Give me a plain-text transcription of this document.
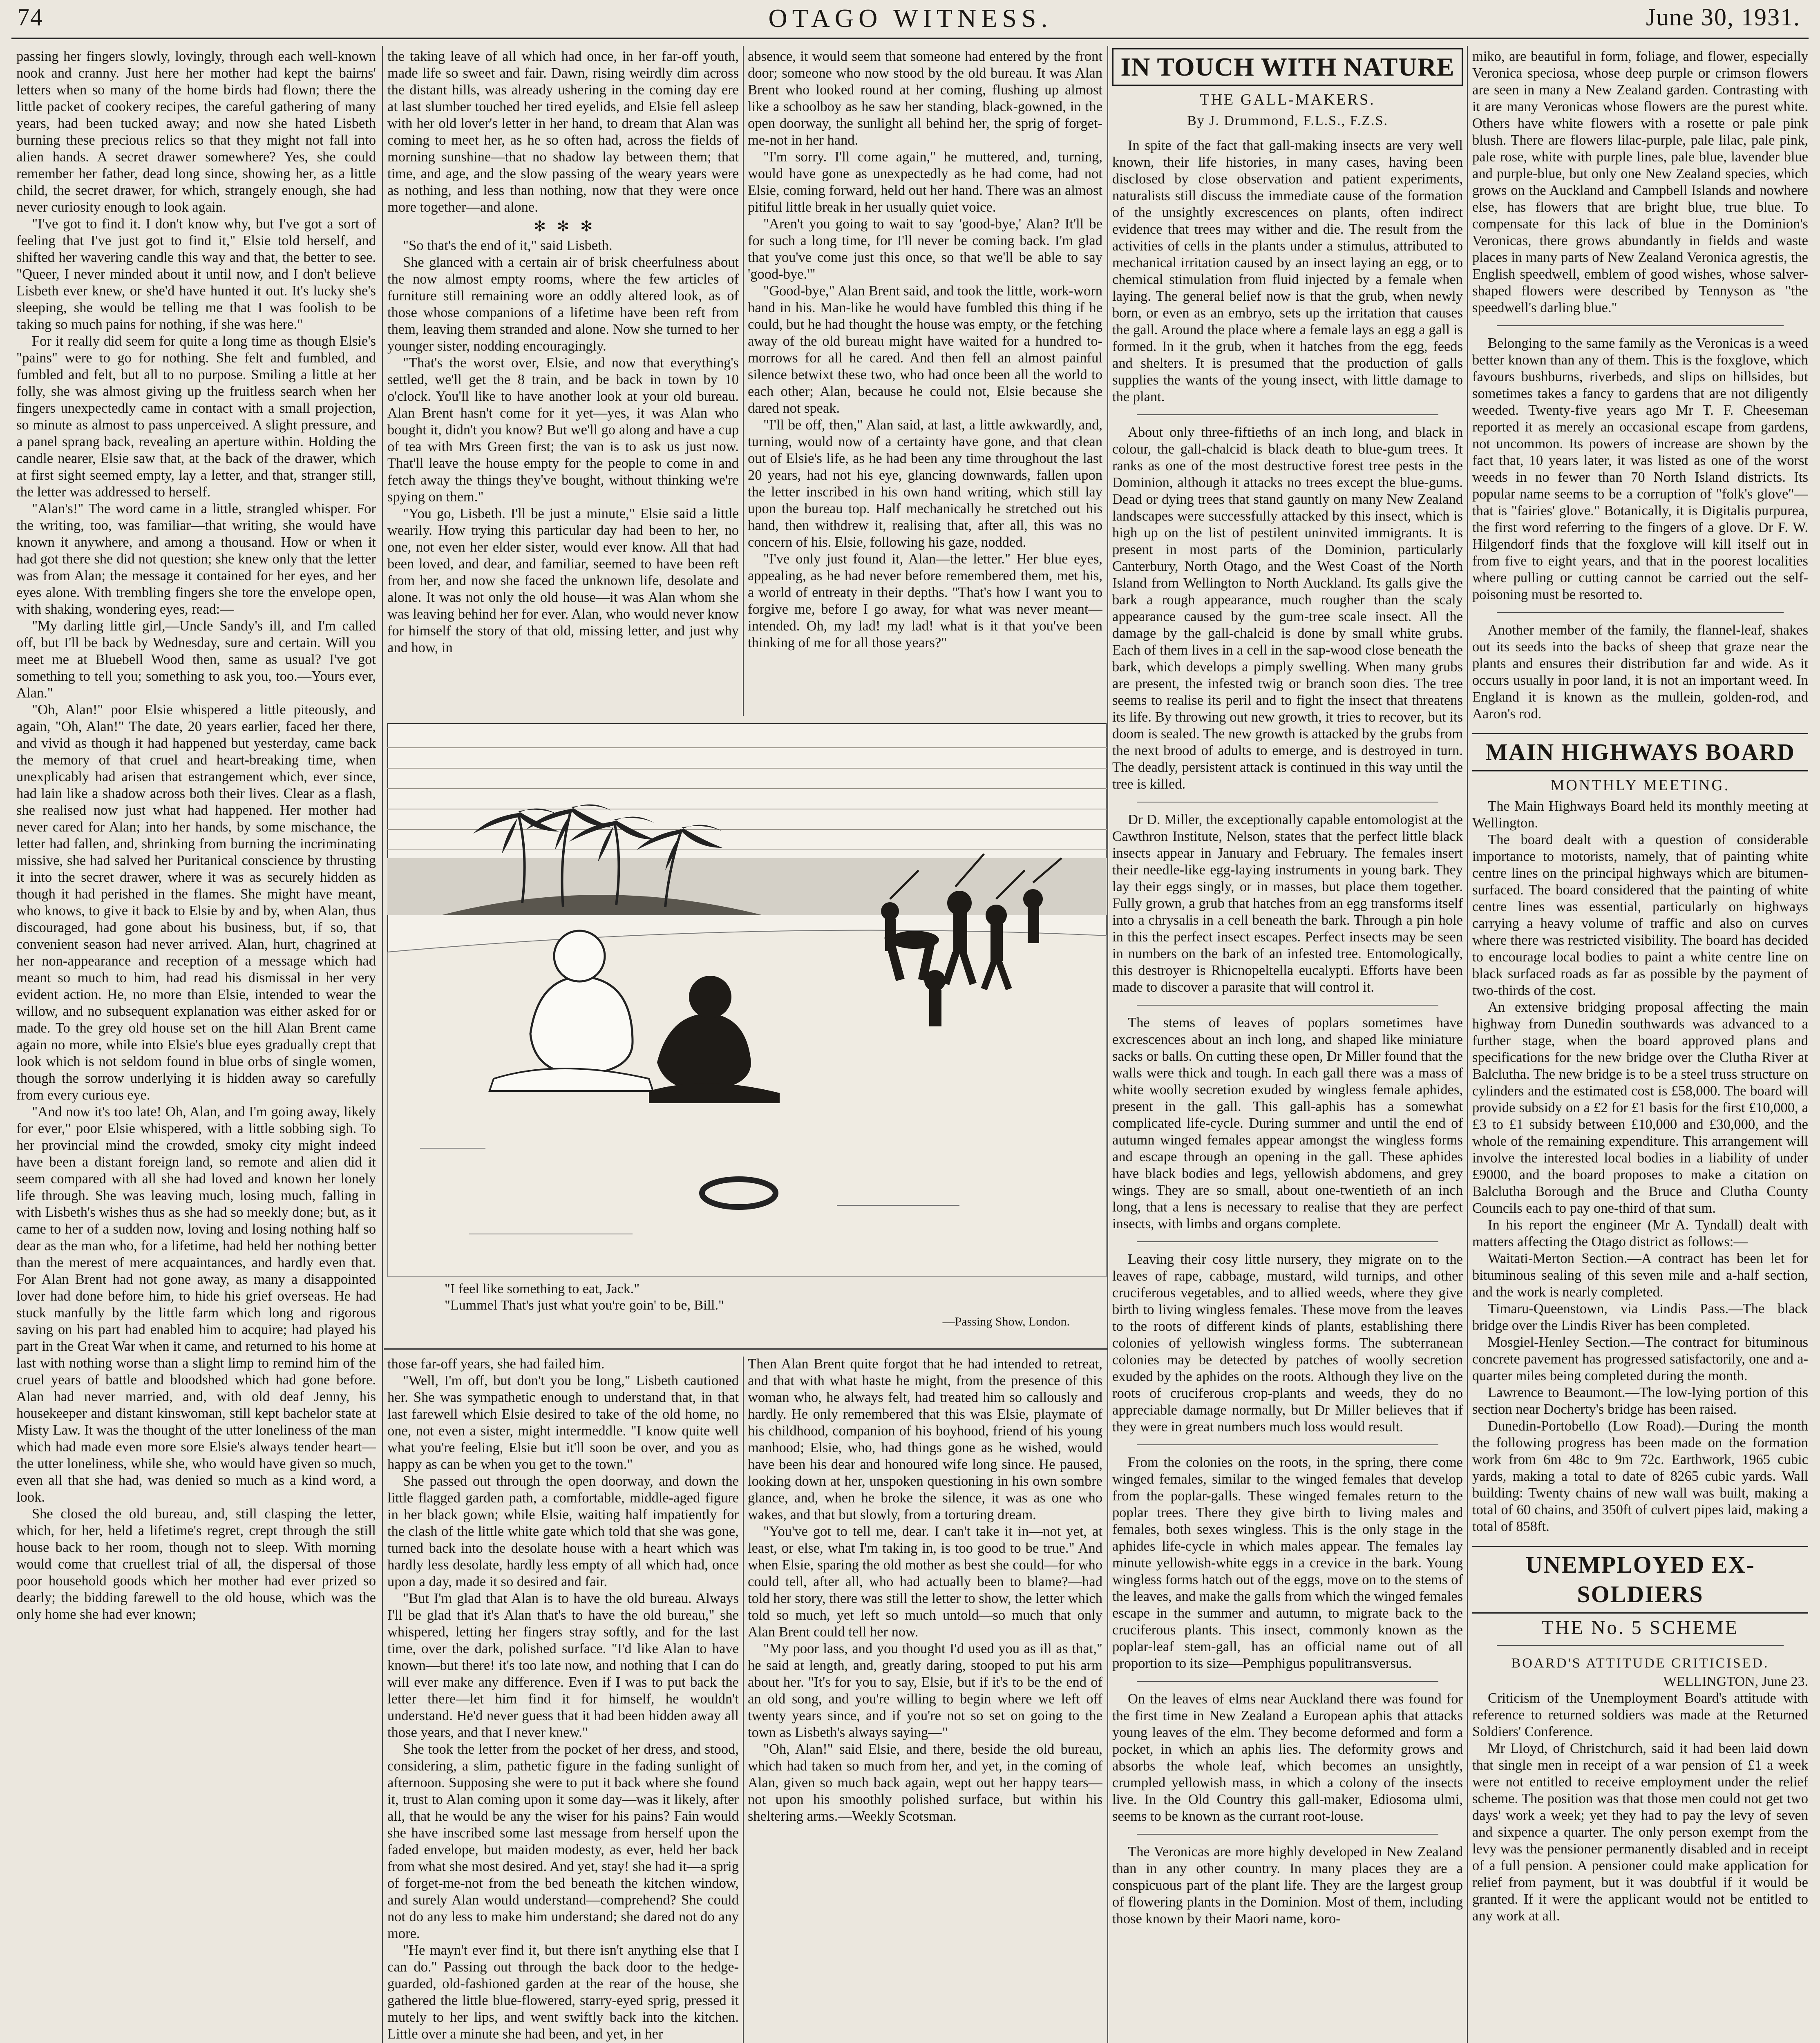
74	OTAGO WITNESS.	June 30, 1931.

passing her fingers slowly, lovingly, through each well-known nook and cranny. Just here her mother had kept the bairns' letters when so many of the home birds had flown; there the little packet of cookery recipes, the careful gathering of many years, had been tucked away; and now she hated Lisbeth burning these precious relics so that they might not fall into alien hands. A secret drawer somewhere? Yes, she could remember her father, dead long since, showing her, as a little child, the secret drawer, for which, strangely enough, she had never curiosity enough to look again.

"I've got to find it. I don't know why, but I've got a sort of feeling that I've just got to find it," Elsie told herself, and shifted her wavering candle this way and that, the better to see. "Queer, I never minded about it until now, and I don't believe Lisbeth ever knew, or she'd have hunted it out. It's lucky she's sleeping, she would be telling me that I was foolish to be taking so much pains for nothing, if she was here."

For it really did seem for quite a long time as though Elsie's "pains" were to go for nothing. She felt and fumbled, and fumbled and felt, but all to no purpose. Smiling a little at her folly, she was almost giving up the fruitless search when her fingers unexpectedly came in contact with a small projection, so minute as almost to pass unperceived. A slight pressure, and a panel sprang back, revealing an aperture within. Holding the candle nearer, Elsie saw that, at the back of the drawer, which at first sight seemed empty, lay a letter, and that, stranger still, the letter was addressed to herself.

"Alan's!" The word came in a little, strangled whisper. For the writing, too, was familiar—that writing, she would have known it anywhere, and among a thousand. How or when it had got there she did not question; she knew only that the letter was from Alan; the message it contained for her eyes, and her eyes alone. With trembling fingers she tore the envelope open, with shaking, wondering eyes, read:—

"My darling little girl,—Uncle Sandy's ill, and I'm called off, but I'll be back by Wednesday, sure and certain. Will you meet me at Bluebell Wood then, same as usual? I've got something to tell you; something to ask you, too.—Yours ever, Alan."

"Oh, Alan!" poor Elsie whispered a little piteously, and again, "Oh, Alan!" The date, 20 years earlier, faced her there, and vivid as though it had happened but yesterday, came back the memory of that cruel and heart-breaking time, when unexplicably had arisen that estrangement which, ever since, had lain like a shadow across both their lives. Clear as a flash, she realised now just what had happened. Her mother had never cared for Alan; into her hands, by some mischance, the letter had fallen, and, shrinking from burning the incriminating missive, she had salved her Puritanical conscience by thrusting it into the secret drawer, where it was as securely hidden as though it had perished in the flames. She might have meant, who knows, to give it back to Elsie by and by, when Alan, thus discouraged, had gone about his business, but, if so, that convenient season had never arrived. Alan, hurt, chagrined at her non-appearance and reception of a message which had meant so much to him, had read his dismissal in her very evident action. He, no more than Elsie, intended to wear the willow, and no subsequent explanation was either asked for or made. To the grey old house set on the hill Alan Brent came again no more, while into Elsie's blue eyes gradually crept that look which is not seldom found in blue orbs of single women, though the sorrow underlying it is hidden away so carefully from every curious eye.

"And now it's too late! Oh, Alan, and I'm going away, likely for ever," poor Elsie whispered, with a little sobbing sigh. To her provincial mind the crowded, smoky city might indeed have been a distant foreign land, so remote and alien did it seem compared with all she had loved and known her lonely life through. She was leaving much, losing much, falling in with Lisbeth's wishes thus as she had so meekly done; but, as it came to her of a sudden now, loving and losing nothing half so dear as the man who, for a lifetime, had held her nothing better than the merest of mere acquaintances, and hardly even that. For Alan Brent had not gone away, as many a disappointed lover had done before him, to hide his grief overseas. He had stuck manfully by the little farm which long and rigorous saving on his part had enabled him to acquire; had played his part in the Great War when it came, and returned to his home at last with nothing worse than a slight limp to remind him of the cruel years of battle and bloodshed which had gone before. Alan had never married, and, with old deaf Jenny, his housekeeper and distant kinswoman, still kept bachelor state at Misty Law. It was the thought of the utter loneliness of the man which had made even more sore Elsie's always tender heart—the utter loneliness, while she, who would have given so much, even all that she had, was denied so much as a kind word, a look.

She closed the old bureau, and, still clasping the letter, which, for her, held a lifetime's regret, crept through the still house back to her room, though not to sleep. With morning would come that cruellest trial of all, the dispersal of those poor household goods which her mother had ever prized so dearly; the bidding farewell to the old house, which was the only home she had ever known;

the taking leave of all which had once, in her far-off youth, made life so sweet and fair. Dawn, rising weirdly dim across the distant hills, was already ushering in the coming day ere at last slumber touched her tired eyelids, and Elsie fell asleep with her old lover's letter in her hand, to dream that Alan was coming to meet her, as he so often had, across the fields of morning sunshine—that no shadow lay between them; that time, and age, and the slow passing of the weary years were as nothing, and less than nothing, now that they were once more together—and alone.

✻   ✻   ✻

"So that's the end of it," said Lisbeth.

She glanced with a certain air of brisk cheerfulness about the now almost empty rooms, where the few articles of furniture still remaining wore an oddly altered look, as of those whose companions of a lifetime have been reft from them, leaving them stranded and alone. Now she turned to her younger sister, nodding encouragingly.

"That's the worst over, Elsie, and now that everything's settled, we'll get the 8 train, and be back in town by 10 o'clock. You'll like to have another look at your old bureau. Alan Brent hasn't come for it yet—yes, it was Alan who bought it, didn't you know? But we'll go along and have a cup of tea with Mrs Green first; the van is to ask us just now. That'll leave the house empty for the people to come in and fetch away the things they've bought, without thinking we're spying on them."

"You go, Lisbeth. I'll be just a minute," Elsie said a little wearily. How trying this particular day had been to her, no one, not even her elder sister, would ever know. All that had been loved, and dear, and familiar, seemed to have been reft from her, and now she faced the unknown life, desolate and alone. It was not only the old house—it was Alan whom she was leaving behind her for ever. Alan, who would never know for himself the story of that old, missing letter, and just why and how, in

absence, it would seem that someone had entered by the front door; someone who now stood by the old bureau. It was Alan Brent who looked round at her coming, flushing up almost like a schoolboy as he saw her standing, black-gowned, in the open doorway, the sunlight all behind her, the sprig of forget-me-not in her hand.

"I'm sorry. I'll come again," he muttered, and, turning, would have gone as unexpectedly as he had come, had not Elsie, coming forward, held out her hand. There was an almost pitiful little break in her usually quiet voice.

"Aren't you going to wait to say 'good-bye,' Alan? It'll be for such a long time, for I'll never be coming back. I'm glad that you've come just this once, so that we'll be able to say 'good-bye.'"

"Good-bye," Alan Brent said, and took the little, work-worn hand in his. Man-like he would have fumbled this thing if he could, but he had thought the house was empty, or the fetching away of the old bureau might have waited for a hundred to-morrows for all he cared. And then fell an almost painful silence betwixt these two, who had once been all the world to each other; Alan, because he could not, Elsie because she dared not speak.

"I'll be off, then," Alan said, at last, a little awkwardly, and, turning, would now of a certainty have gone, and that clean out of Elsie's life, as he had been any time throughout the last 20 years, had not his eye, glancing downwards, fallen upon the letter inscribed in his own hand writing, which still lay upon the bureau top. Half mechanically he stretched out his hand, then withdrew it, realising that, after all, this was no concern of his. Elsie, following his gaze, nodded.

"I've only just found it, Alan—the letter." Her blue eyes, appealing, as he had never before remembered them, met his, a world of entreaty in their depths. "That's how I want you to forgive me, before I go away, for what was never meant—intended. Oh, my lad! my lad! what is it that you've been thinking of me for all those years?"

"I feel like something to eat, Jack."
"Lummel That's just what you're goin' to be, Bill."
—Passing Show, London.

those far-off years, she had failed him.

"Well, I'm off, but don't you be long," Lisbeth cautioned her. She was sympathetic enough to understand that, in that last farewell which Elsie desired to take of the old home, no one, not even a sister, might intermeddle. "I know quite well what you're feeling, Elsie but it'll soon be over, and you as happy as can be when you get to the town."

She passed out through the open doorway, and down the little flagged garden path, a comfortable, middle-aged figure in her black gown; while Elsie, waiting half impatiently for the clash of the little white gate which told that she was gone, turned back into the desolate house with a heart which was hardly less desolate, hardly less empty of all which had, once upon a day, made it so desired and fair.

"But I'm glad that Alan is to have the old bureau. Always I'll be glad that it's Alan that's to have the old bureau," she whispered, letting her fingers stray softly, and for the last time, over the dark, polished surface. "I'd like Alan to have known—but there! it's too late now, and nothing that I can do will ever make any difference. Even if I was to put back the letter there—let him find it for himself, he wouldn't understand. He'd never guess that it had been hidden away all those years, and that I never knew."

She took the letter from the pocket of her dress, and stood, considering, a slim, pathetic figure in the fading sunlight of afternoon. Supposing she were to put it back where she found it, trust to Alan coming upon it some day—was it likely, after all, that he would be any the wiser for his pains? Fain would she have inscribed some last message from herself upon the faded envelope, but maiden modesty, as ever, held her back from what she most desired. And yet, stay! she had it—a sprig of forget-me-not from the bed beneath the kitchen window, and surely Alan would understand—comprehend? She could not do any less to make him understand; she dared not do any more.

"He mayn't ever find it, but there isn't anything else that I can do." Passing out through the back door to the hedge-guarded, old-fashioned garden at the rear of the house, she gathered the little blue-flowered, starry-eyed sprig, pressed it mutely to her lips, and went swiftly back into the kitchen. Little over a minute she had been, and yet, in her

Then Alan Brent quite forgot that he had intended to retreat, and that with what haste he might, from the presence of this woman who, he always felt, had treated him so callously and hardly. He only remembered that this was Elsie, playmate of his childhood, companion of his boyhood, friend of his young manhood; Elsie, who, had things gone as he wished, would have been his dear and honoured wife long since. He paused, looking down at her, unspoken questioning in his own sombre glance, and, when he broke the silence, it was as one who wakes, and that but slowly, from a torturing dream.

"You've got to tell me, dear. I can't take it in—not yet, at least, or else, what I'm taking in, is too good to be true." And when Elsie, sparing the old mother as best she could—for who could tell, after all, who had actually been to blame?—had told her story, there was still the letter to show, the letter which told so much, yet left so much untold—so much that only Alan Brent could tell her now.

"My poor lass, and you thought I'd used you as ill as that," he said at length, and, greatly daring, stooped to put his arm about her. "It's for you to say, Elsie, but if it's to be the end of an old song, and you're willing to begin where we left off twenty years since, and if you're not so set on going to the town as Lisbeth's always saying—"

"Oh, Alan!" said Elsie, and there, beside the old bureau, which had taken so much from her, and yet, in the coming of Alan, given so much back again, wept out her happy tears—not upon his smoothly polished surface, but within his sheltering arms.—Weekly Scotsman.

IN TOUCH WITH NATURE
THE GALL-MAKERS.
By J. Drummond, F.L.S., F.Z.S.

In spite of the fact that gall-making insects are very well known, their life histories, in many cases, having been disclosed by close observation and patient experiments, naturalists still discuss the immediate cause of the formation of the unsightly excrescences on plants, often indirect evidence that trees may wither and die. The result from the activities of cells in the plants under a stimulus, attributed to mechanical irritation caused by an insect laying an egg, or to chemical stimulation from fluid injected by a female when laying. The general belief now is that the grub, when newly born, or even as an embryo, sets up the irritation that causes the gall. Around the place where a female lays an egg a gall is formed. In it the grub, when it hatches from the egg, feeds and shelters. It is presumed that the production of galls supplies the wants of the young insect, with little damage to the plant.

About only three-fiftieths of an inch long, and black in colour, the gall-chalcid is black death to blue-gum trees. It ranks as one of the most destructive forest tree pests in the Dominion, although it attacks no trees except the blue-gums. Dead or dying trees that stand gauntly on many New Zealand landscapes were successfully attacked by this insect, which is high up on the list of pestilent uninvited immigrants. It is present in most parts of the Dominion, particularly Canterbury, North Otago, and the West Coast of the North Island from Wellington to North Auckland. Its galls give the bark a rough appearance, much rougher than the scaly appearance caused by the gum-tree scale insect. All the damage by the gall-chalcid is done by small white grubs. Each of them lives in a cell in the sap-wood close beneath the bark, which develops a pimply swelling. When many grubs are present, the infested twig or branch soon dies. The tree seems to realise its peril and to fight the insect that threatens its life. By throwing out new growth, it tries to recover, but its doom is sealed. The new growth is attacked by the grubs from the next brood of adults to emerge, and is destroyed in turn. The deadly, persistent attack is continued in this way until the tree is killed.

Dr D. Miller, the exceptionally capable entomologist at the Cawthron Institute, Nelson, states that the perfect little black insects appear in January and February. The females insert their needle-like egg-laying instruments in young bark. They lay their eggs singly, or in masses, but place them together. Fully grown, a grub that hatches from an egg transforms itself into a chrysalis in a cell beneath the bark. Through a pin hole in this the perfect insect escapes. Perfect insects may be seen in numbers on the bark of an infested tree. Entomologically, this destroyer is Rhicnopeltella eucalypti. Efforts have been made to discover a parasite that will control it.

The stems of leaves of poplars sometimes have excrescences about an inch long, and shaped like miniature sacks or balls. On cutting these open, Dr Miller found that the walls were thick and tough. In each gall there was a mass of white woolly secretion exuded by wingless female aphides, present in the gall. This gall-aphis has a somewhat complicated life-cycle. During summer and until the end of autumn winged females appear amongst the wingless forms and escape through an opening in the gall. These aphides have black bodies and legs, yellowish abdomens, and grey wings. They are so small, about one-twentieth of an inch long, that a lens is necessary to realise that they are perfect insects, with limbs and organs complete.

Leaving their cosy little nursery, they migrate on to the leaves of rape, cabbage, mustard, wild turnips, and other cruciferous vegetables, and to allied weeds, where they give birth to living wingless females. These move from the leaves to the roots of different kinds of plants, establishing there colonies of yellowish wingless forms. The subterranean colonies may be detected by patches of woolly secretion exuded by the aphides on the roots. Although they live on the roots of cruciferous crop-plants and weeds, they do no appreciable damage normally, but Dr Miller believes that if they were in great numbers much loss would result.

From the colonies on the roots, in the spring, there come winged females, similar to the winged females that develop from the poplar-galls. These winged females return to the poplar trees. There they give birth to living males and females, both sexes wingless. This is the only stage in the aphides life-cycle in which males appear. The females lay minute yellowish-white eggs in a crevice in the bark. Young wingless forms hatch out of the eggs, move on to the stems of the leaves, and make the galls from which the winged females escape in the summer and autumn, to migrate back to the cruciferous plants. This insect, commonly known as the poplar-leaf stem-gall, has an official name out of all proportion to its size—Pemphigus populitransversus.

On the leaves of elms near Auckland there was found for the first time in New Zealand a European aphis that attacks young leaves of the elm. They become deformed and form a pocket, in which an aphis lies. The deformity grows and absorbs the whole leaf, which becomes an unsightly, crumpled yellowish mass, in which a colony of the insects live. In the Old Country this gall-maker, Ediosoma ulmi, seems to be known as the currant root-louse.

The Veronicas are more highly developed in New Zealand than in any other country. In many places they are a conspicuous part of the plant life. They are the largest group of flowering plants in the Dominion. Most of them, including those known by their Maori name, koro-

miko, are beautiful in form, foliage, and flower, especially Veronica speciosa, whose deep purple or crimson flowers are seen in many a New Zealand garden. Contrasting with it are many Veronicas whose flowers are the purest white. Others have white flowers with a rosette or pale pink blush. There are flowers lilac-purple, pale lilac, pale pink, pale rose, white with purple lines, pale blue, lavender blue and purple-blue, but only one New Zealand species, which grows on the Auckland and Campbell Islands and nowhere else, has flowers that are bright blue, true blue. To compensate for this lack of blue in the Dominion's Veronicas, there grows abundantly in fields and waste places in many parts of New Zealand Veronica agrestis, the English speedwell, emblem of good wishes, whose salver-shaped flowers were described by Tennyson as "the speedwell's darling blue."

Belonging to the same family as the Veronicas is a weed better known than any of them. This is the foxglove, which favours bushburns, riverbeds, and slips on hillsides, but sometimes takes a fancy to gardens that are not diligently weeded. Twenty-five years ago Mr T. F. Cheeseman reported it as merely an occasional escape from gardens, not uncommon. Its powers of increase are shown by the fact that, 10 years later, it was listed as one of the worst weeds in no fewer than 70 North Island districts. Its popular name seems to be a corruption of "folk's glove"—that is "fairies' glove." Botanically, it is Digitalis purpurea, the first word referring to the fingers of a glove. Dr F. W. Hilgendorf finds that the foxglove will kill itself out in from five to eight years, and that in the poorest localities where pulling or cutting cannot be carried out the self-poisoning must be resorted to.

Another member of the family, the flannel-leaf, shakes out its seeds into the backs of sheep that graze near the plants and ensures their distribution far and wide. As it occurs usually in poor land, it is not an important weed. In England it is known as the mullein, golden-rod, and Aaron's rod.

MAIN HIGHWAYS BOARD
MONTHLY MEETING.

The Main Highways Board held its monthly meeting at Wellington.

The board dealt with a question of considerable importance to motorists, namely, that of painting white centre lines on the principal highways which are bitumen-surfaced. The board considered that the painting of white centre lines was essential, particularly on highways carrying a heavy volume of traffic and also on curves where there was restricted visibility. The board has decided to encourage local bodies to paint a white centre line on black surfaced roads as far as possible by the payment of two-thirds of the cost.

An extensive bridging proposal affecting the main highway from Dunedin southwards was advanced to a further stage, when the board approved plans and specifications for the new bridge over the Clutha River at Balclutha. The new bridge is to be a steel truss structure on cylinders and the estimated cost is £58,000. The board will provide subsidy on a £2 for £1 basis for the first £10,000, a £3 to £1 subsidy between £10,000 and £30,000, and the whole of the remaining expenditure. This arrangement will involve the interested local bodies in a liability of under £9000, and the board proposes to make a citation on Balclutha Borough and the Bruce and Clutha County Councils each to pay one-third of that sum.

In his report the engineer (Mr A. Tyndall) dealt with matters affecting the Otago district as follows:—

Waitati-Merton Section.—A contract has been let for bituminous sealing of this seven mile and a-half section, and the work is nearly completed.

Timaru-Queenstown, via Lindis Pass.—The black bridge over the Lindis River has been completed.

Mosgiel-Henley Section.—The contract for bituminous concrete pavement has progressed satisfactorily, one and a-quarter miles being completed during the month.

Lawrence to Beaumont.—The low-lying portion of this section near Docherty's bridge has been raised.

Dunedin-Portobello (Low Road).—During the month the following progress has been made on the formation work from 6m 48c to 9m 72c. Earthwork, 1965 cubic yards, making a total to date of 8265 cubic yards. Wall building: Twenty chains of new wall was built, making a total of 60 chains, and 350ft of culvert pipes laid, making a total of 858ft.

UNEMPLOYED EX-SOLDIERS
THE No. 5 SCHEME
BOARD'S ATTITUDE CRITICISED.
WELLINGTON, June 23.

Criticism of the Unemployment Board's attitude with reference to returned soldiers was made at the Returned Soldiers' Conference.

Mr Lloyd, of Christchurch, said it had been laid down that single men in receipt of a war pension of £1 a week were not entitled to receive employment under the relief scheme. The position was that those men could not get two days' work a week; yet they had to pay the levy of seven and sixpence a quarter. The only person exempt from the levy was the pensioner permanently disabled and in receipt of a full pension. A pensioner could make application for relief from payment, but it was doubtful if it would be granted. If it were the applicant would not be entitled to any work at all.
